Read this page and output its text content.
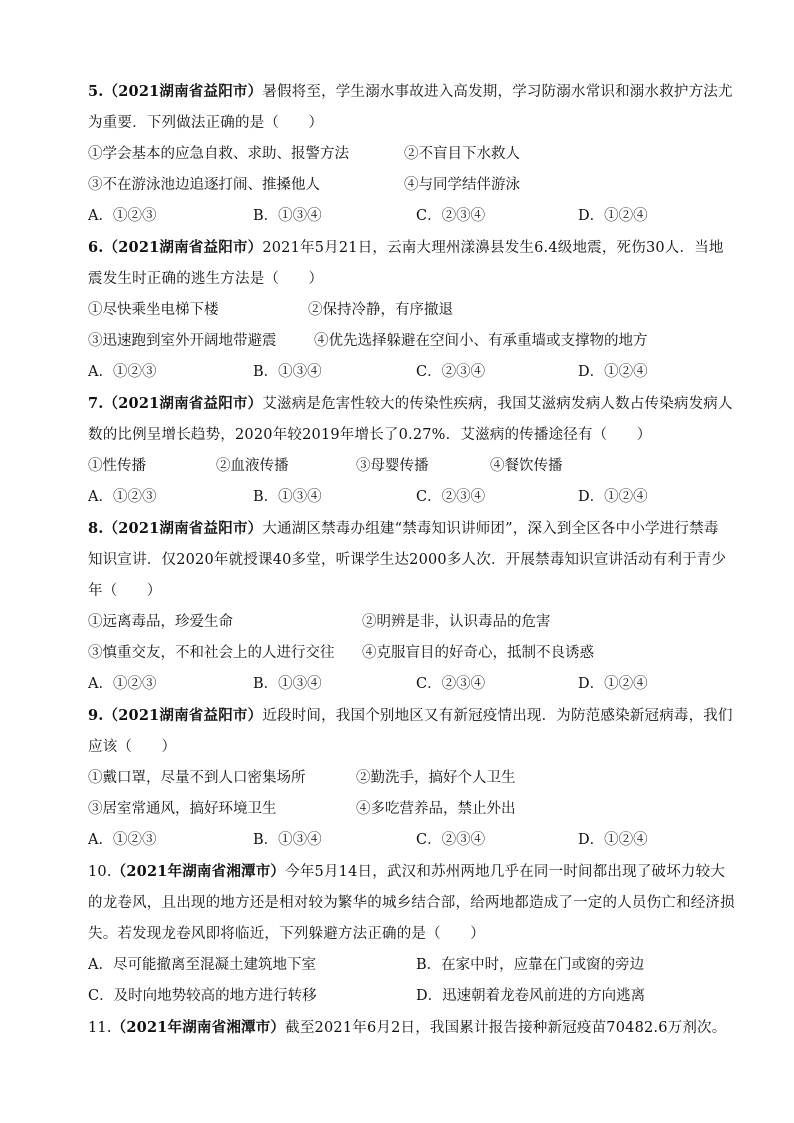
5.（2021湖南省益阳市）暑假将至，学生溺水事故进入高发期，学习防溺水常识和溺水救护方法尤
为重要．下列做法正确的是（　　）
①学会基本的应急自救、求助、报警方法	②不盲目下水救人
③不在游泳池边追逐打闹、推搡他人	④与同学结伴游泳
A．①②③	B．①③④	C．②③④	D．①②④
6.（2021湖南省益阳市）2021年5月21日，云南大理州漾濞县发生6.4级地震，死伤30人．当地
震发生时正确的逃生方法是（　　）
①尽快乘坐电梯下楼	②保持冷静，有序撤退
③迅速跑到室外开阔地带避震	④优先选择躲避在空间小、有承重墙或支撑物的地方
A．①②③	B．①③④	C．②③④	D．①②④
7.（2021湖南省益阳市）艾滋病是危害性较大的传染性疾病，我国艾滋病发病人数占传染病发病人
数的比例呈增长趋势，2020年较2019年增长了0.27%．艾滋病的传播途径有（　　）
①性传播	②血液传播	③母婴传播	④餐饮传播
A．①②③	B．①③④	C．②③④	D．①②④
8.（2021湖南省益阳市）大通湖区禁毒办组建“禁毒知识讲师团”，深入到全区各中小学进行禁毒
知识宣讲．仅2020年就授课40多堂，听课学生达2000多人次．开展禁毒知识宣讲活动有利于青少
年（　　）
①远离毒品，珍爱生命	②明辨是非，认识毒品的危害
③慎重交友，不和社会上的人进行交往 ④克服盲目的好奇心，抵制不良诱惑
A．①②③	B．①③④	C．②③④	D．①②④
9.（2021湖南省益阳市）近段时间，我国个别地区又有新冠疫情出现．为防范感染新冠病毒，我们
应该（　　）
①戴口罩，尽量不到人口密集场所	②勤洗手，搞好个人卫生
③居室常通风，搞好环境卫生	④多吃营养品，禁止外出
A．①②③	B．①③④	C．②③④	D．①②④
10.（2021年湖南省湘潭市）今年5月14日，武汉和苏州两地几乎在同一时间都出现了破坏力较大
的龙卷风，且出现的地方还是相对较为繁华的城乡结合部，给两地都造成了一定的人员伤亡和经济损
失。若发现龙卷风即将临近，下列躲避方法正确的是（　　）
A．尽可能撤离至混凝土建筑地下室	B．在家中时，应靠在门或窗的旁边
C．及时向地势较高的地方进行转移	D．迅速朝着龙卷风前进的方向逃离
11.（2021年湖南省湘潭市）截至2021年6月2日，我国累计报告接种新冠疫苗70482.6万剂次。
